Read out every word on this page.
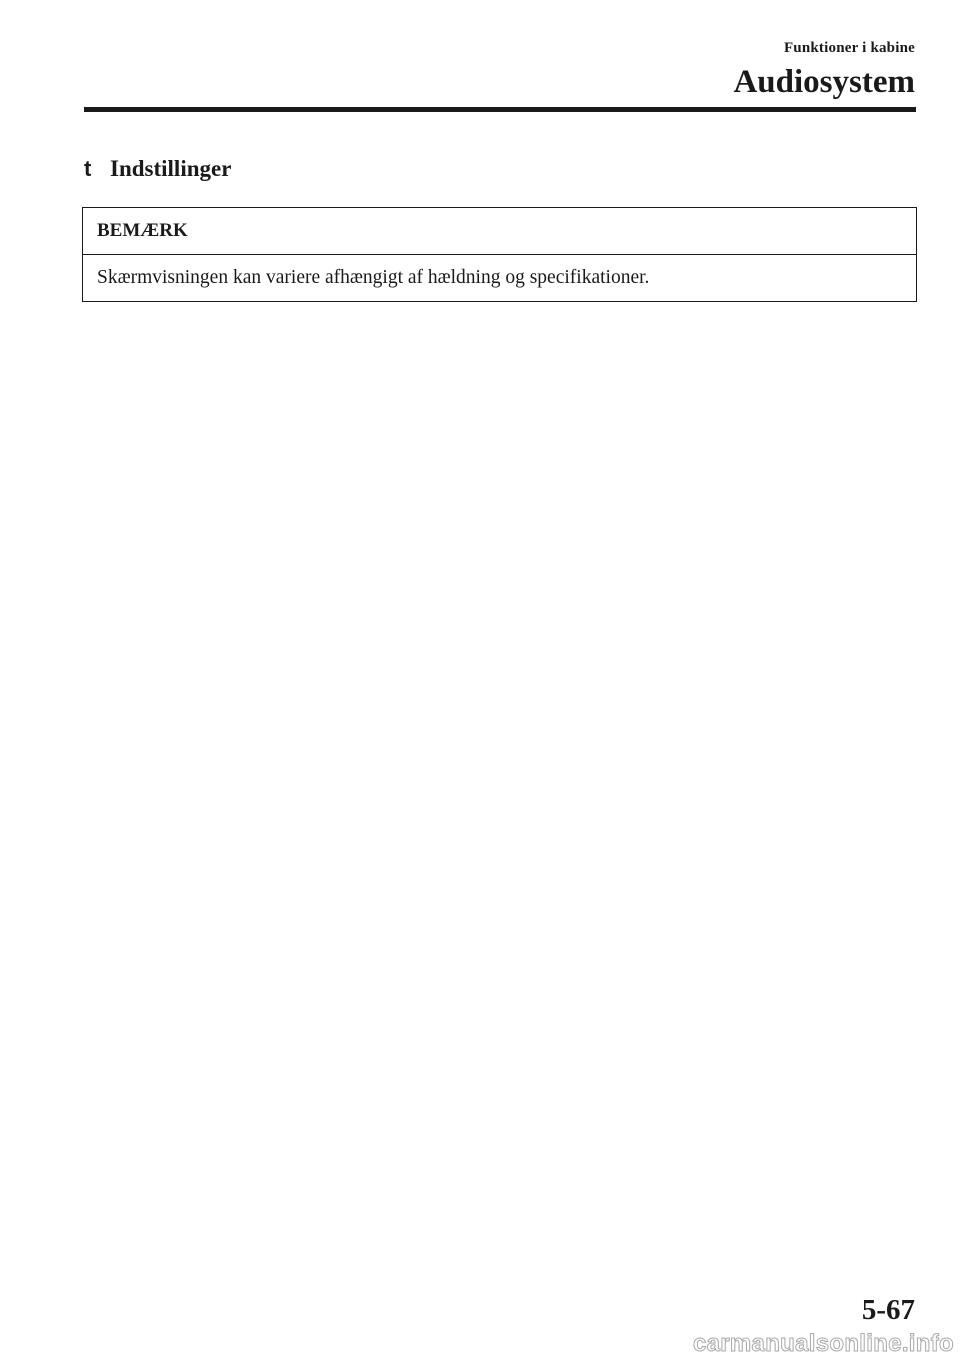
Funktioner i kabine
Audiosystem
t Indstillinger
BEMÆRK
Skærmvisningen kan variere afhængigt af hældning og specifikationer.
5-67
carmanualsonline.info
